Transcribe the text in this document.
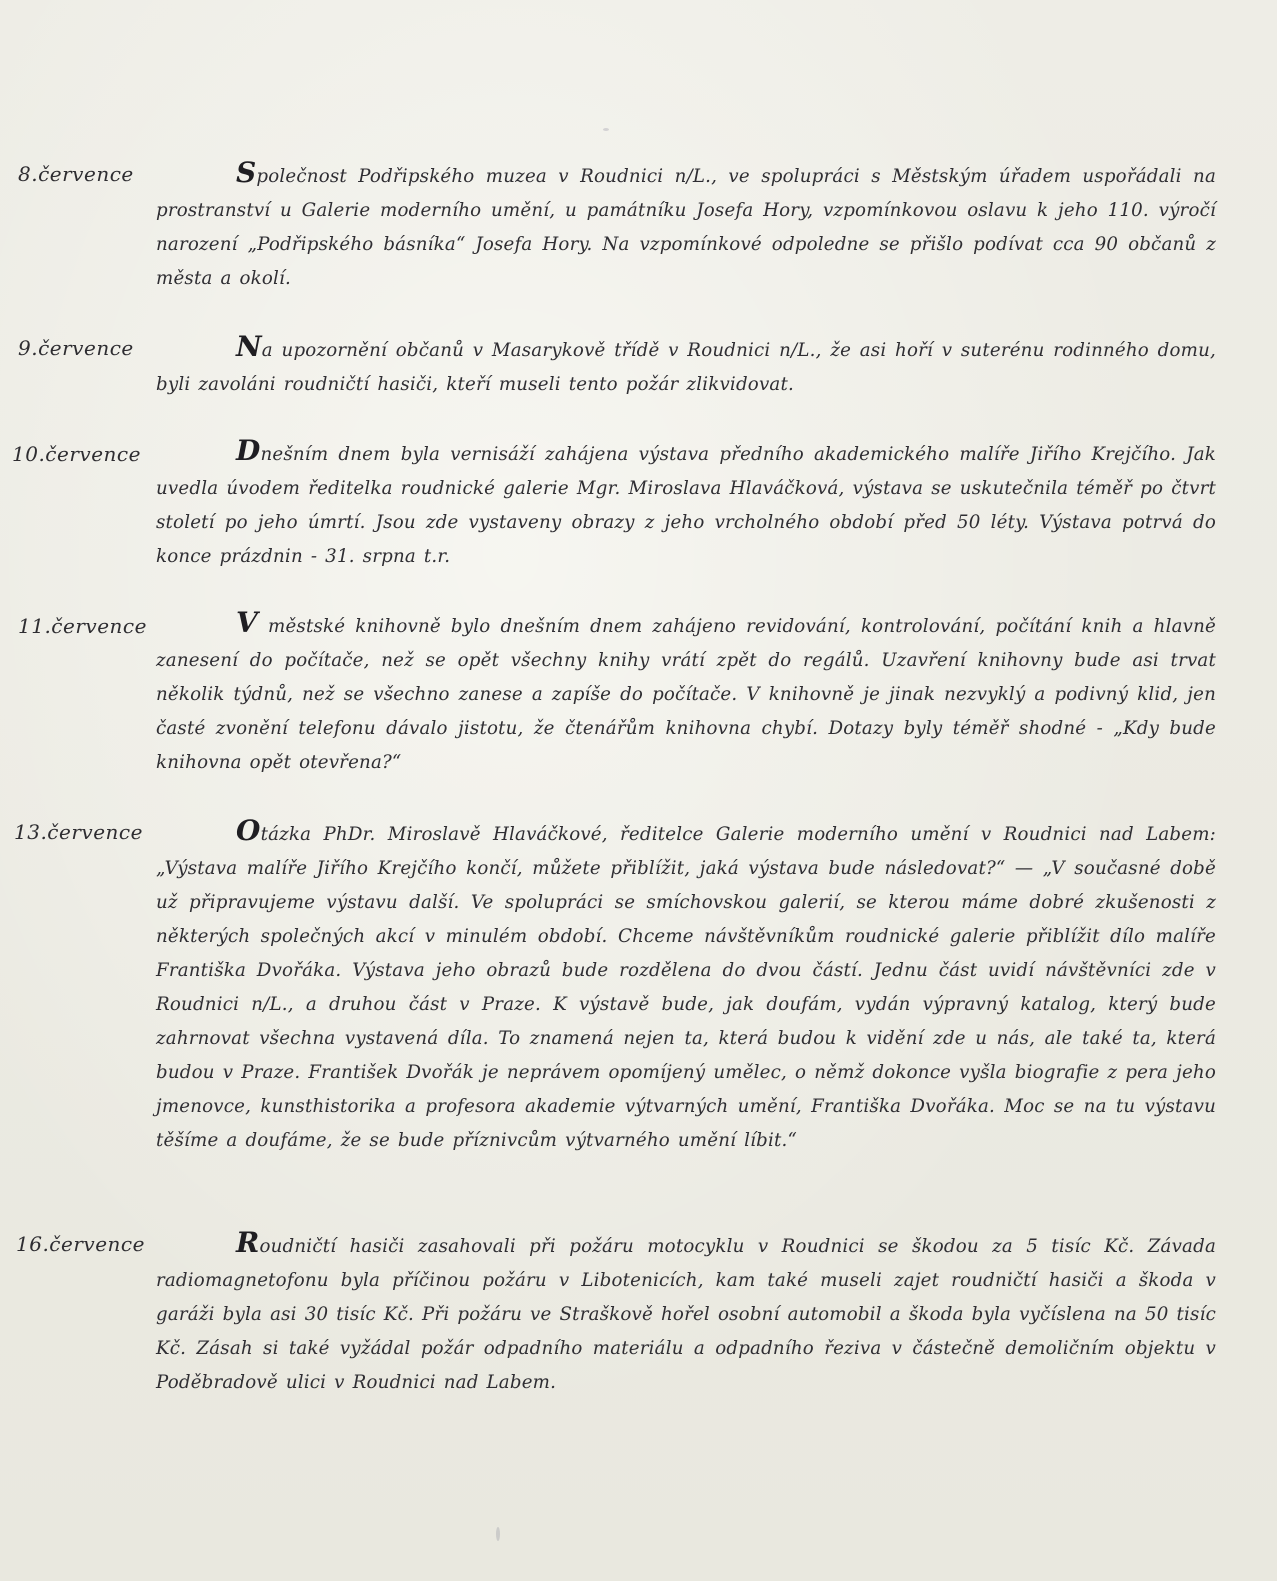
8.července	Společnost Podřipského muzea v Roudnici n/L., ve spolupráci s Městským úřadem uspořádali na prostranství u Galerie moderního umění, u památníku Josefa Hory, vzpomínkovou oslavu k jeho 110. výročí narození „Podřipského básníka“ Josefa Hory. Na vzpomínkové odpoledne se přišlo podívat cca 90 občanů z města a okolí.

9.července	Na upozornění občanů v Masarykově třídě v Roudnici n/L., že asi hoří v suterénu rodinného domu, byli zavoláni roudničtí hasiči, kteří museli tento požár zlikvidovat.

10.července	Dnešním dnem byla vernisáží zahájena výstava předního akademického malíře Jiřího Krejčího. Jak uvedla úvodem ředitelka roudnické galerie Mgr. Miroslava Hlaváčková, výstava se uskutečnila téměř po čtvrt století po jeho úmrtí. Jsou zde vystaveny obrazy z jeho vrcholného období před 50 léty. Výstava potrvá do konce prázdnin - 31. srpna t.r.

11.července	V městské knihovně bylo dnešním dnem zahájeno revidování, kontrolování, počítání knih a hlavně zanesení do počítače, než se opět všechny knihy vrátí zpět do regálů. Uzavření knihovny bude asi trvat několik týdnů, než se všechno zanese a zapíše do počítače. V knihovně je jinak nezvyklý a podivný klid, jen časté zvonění telefonu dávalo jistotu, že čtenářům knihovna chybí. Dotazy byly téměř shodné - „Kdy bude knihovna opět otevřena?“

13.července	Otázka PhDr. Miroslavě Hlaváčkové, ředitelce Galerie moderního umění v Roudnici nad Labem: „Výstava malíře Jiřího Krejčího končí, můžete přiblížit, jaká výstava bude následovat?“ — „V současné době už připravujeme výstavu další. Ve spolupráci se smíchovskou galerií, se kterou máme dobré zkušenosti z některých společných akcí v minulém období. Chceme návštěvníkům roudnické galerie přiblížit dílo malíře Františka Dvořáka. Výstava jeho obrazů bude rozdělena do dvou částí. Jednu část uvidí návštěvníci zde v Roudnici n/L., a druhou část v Praze. K výstavě bude, jak doufám, vydán výpravný katalog, který bude zahrnovat všechna vystavená díla. To znamená nejen ta, která budou k vidění zde u nás, ale také ta, která budou v Praze. František Dvořák je neprávem opomíjený umělec, o němž dokonce vyšla biografie z pera jeho jmenovce, kunsthistorika a profesora akademie výtvarných umění, Františka Dvořáka. Moc se na tu výstavu těšíme a doufáme, že se bude příznivcům výtvarného umění líbit.“

16.července	Roudničtí hasiči zasahovali při požáru motocyklu v Roudnici se škodou za 5 tisíc Kč. Závada radiomagnetofonu byla příčinou požáru v Libotenicích, kam také museli zajet roudničtí hasiči a škoda v garáži byla asi 30 tisíc Kč. Při požáru ve Straškově hořel osobní automobil a škoda byla vyčíslena na 50 tisíc Kč. Zásah si také vyžádal požár odpadního materiálu a odpadního řeziva v částečně demoličním objektu v Poděbradově ulici v Roudnici nad Labem.
